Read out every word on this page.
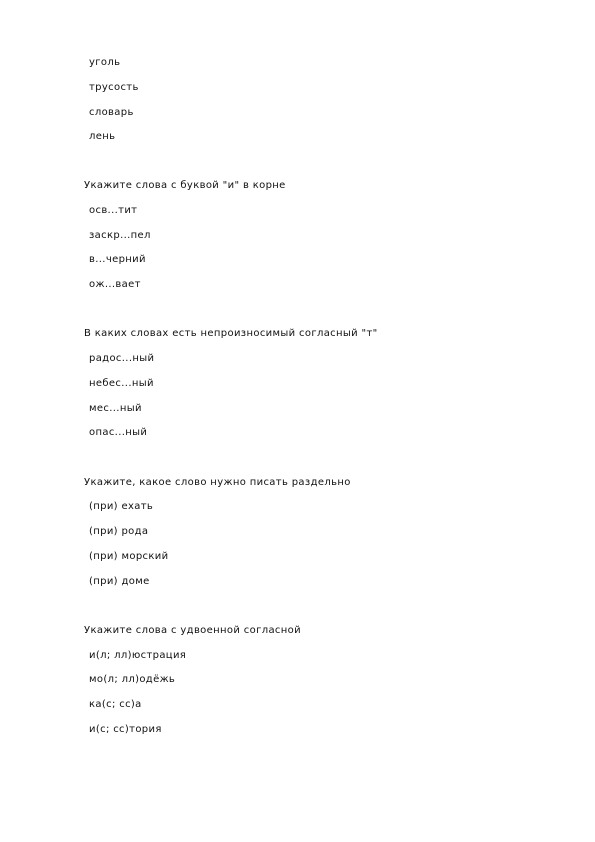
уголь
трусость
словарь
лень
Укажите слова с буквой "и" в корне
осв...тит
заскр...пел
в...черний
ож...вает
В каких словах есть непроизносимый согласный "т"
радос...ный
небес...ный
мес...ный
опас...ный
Укажите, какое слово нужно писать раздельно
(при) ехать
(при) рода
(при) морский
(при) доме
Укажите слова с удвоенной согласной
и(л; лл)юстрация
мо(л; лл)одёжь
ка(с; сс)а
и(с; сс)тория
